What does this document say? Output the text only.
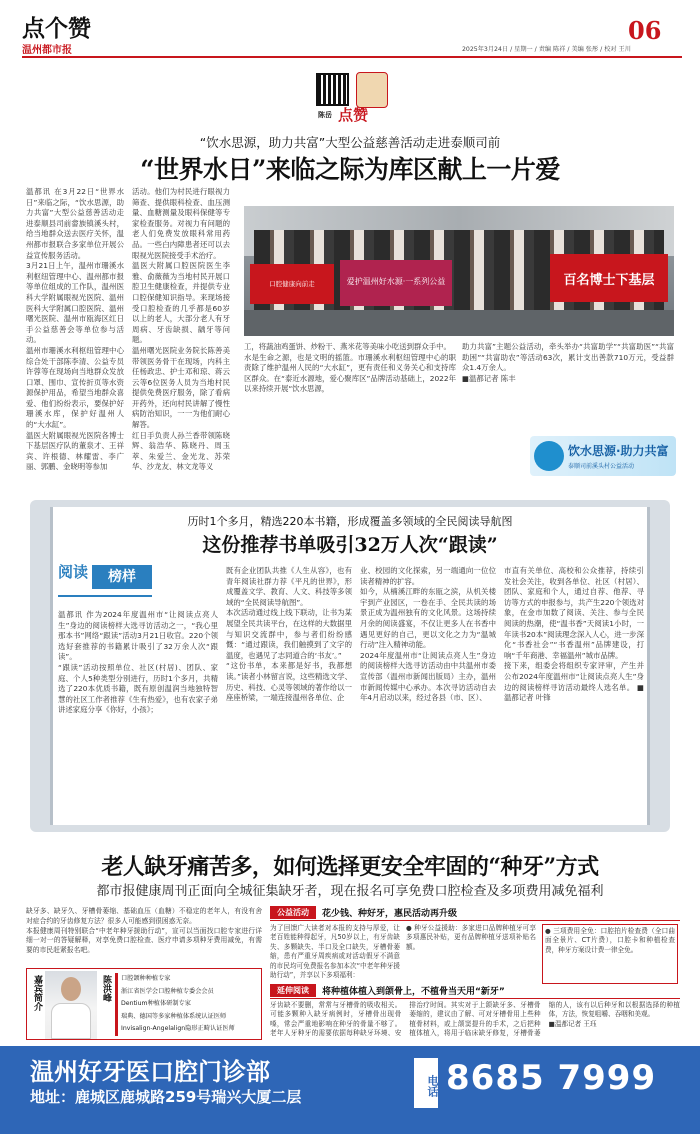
点个赞
温州都市报
06
2025年3月24日 / 星期一 / 责编 陈祥 / 美编 张彤 / 校对 王川
陈岳 点赞
“饮水思源，助力共富”大型公益慈善活动走进泰顺司前
“世界水日”来临之际为库区献上一片爱
温都讯 在3月22日“世界水日”来临之际，“饮水思源，助力共富”大型公益慈善活动走进泰顺县司前畲族镇溪头村，给当地群众送去医疗关怀，温州都市报联合多家单位开展公益宣传服务活动。
3月21日上午，温州市珊溪水利枢纽管理中心、温州都市报等单位组成的工作队，温州医科大学附属眼视光医院、温州医科大学附属口腔医院、温州曙光医院、温州市瓯海区红日手公益慈善会等单位参与活动。
温州市珊溪水利枢纽管理中心综合处干部陈李清、公益专员许蓉等在现场向当地群众发放口罩、围巾、宣传折页等水资源保护用品，希望当地群众喜爱、他们纷纷表示，要保护好珊溪水库，保护好温州人的“大水缸”。
温医大附属眼视光医院各博士下基层医疗队的董泉才、王祥宾、许根德、林耀雷、李广丽、郭鹏、金晓明等参加
活动。他们为村民进行眼视力筛查、提供眼科检查、血压测量、血糖测量及眼科保健等专家检查服务。对视力有问题的老人们免费发放眼科常用药品。一些白内障患者还可以去眼视光医院接受手术治疗。
温医大附属口腔医院医生李雅、俞薇薇为当地村民开展口腔卫生健康检查，并提供专业口腔保健知识指导。来现场接受口腔检查的几乎都是60岁以上的老人，大部分老人有牙周病、牙齿缺损、龋牙等问题。
温州曙光医院业务院长陈善美带领医务骨干在现场，内科主任杨政忠、护士邓和琼、蒋云云等6位医务人员为当地村民提供免费医疗服务，除了看病开药外，还向村民讲解了慢性病防治知识，一一为他们耐心解答。
红日手负责人孙兰香带领陈晓辉、翁浩华、陈晓丹、周玉萃、朱爱兰、金光龙、苏荣华、沙龙友、林文龙等义
口腔健康向前走	爱护温州好水源·一系列公益	百名博士下基层
工，将蔬油鸡蛋饼、炒粉干、燕米花等美味小吃送到群众手中。
水是生命之源，也是文明的摇篮。市珊溪水利枢纽管理中心的职责除了维护温州人民的“大水缸”，更有责任和义务关心和支持库区群众。在“泰近水源地，爱心聚库区”品牌活动基础上，2022年以来持续开展“饮水思源，
助力共富”主题公益活动，牵头举办“共富助学”“共富助医”“共富助困”“共富助农”等活动63次，累计支出善款710万元，受益群众1.4万余人。
■温都记者 陈丰
饮水思源·助力共富
泰顺司前溪头村公益活动
历时1个多月，精选220本书籍，形成覆盖多领域的全民阅读导航图
这份推荐书单吸引32万人次“跟读”
阅读	榜样
温都讯 作为2024年度温州市“让阅读点亮人生”身边的阅读榜样大选寻访活动之一，“我心里那本书”网络“跟读”活动3月21日收官。220个领选好套推荐的书籍累计吸引了32万余人次“跟读”。
“跟读”活动按照单位、社区(村居)、团队、家庭、个人5种类型分别进行，历时1个多月，共精选了220本优质书籍，既有原创温润当地独特智慧的社区工作者推荐《生有热爱》，也有农家子弟讲述家庭分享《你好，小孩》；
既有企业团队共推《人生从容》，也有青年阅读社群力荐《平凡的世界》，形成覆盖文学、教育、人文、科技等多领域的“全民阅读导航图”。
本次活动通过线上线下联动，让书为某展望全民共读平台，在这样的大数据里与知识交流群中，参与者们纷纷感慨：“通过跟读，我们触摸到了文字的温度，也遇见了志同道合的‘书友’。”
“这份书单，本来都是好书，我都想读。”读者小林留言说，这些精选文学、历史、科技、心灵等领域的著作给以一座座桥梁，一端连接温州各单位、企
业、校园的文化探索，另一端通向一位位读者精神的扩容。
如今，从楠溪江畔的东瓯之滨，从机关楼宇到产业园区，一卷在手、全民共读的场景正成为温州独有的文化风景。这场持续月余的阅读盛宴，不仅让更多人在书香中遇见更好的自己，更以文化之力为“温城行动”注入精神动能。
2024年度温州市“让阅读点亮人生”身边的阅读榜样大选寻访活动由中共温州市委宣传部（温州市新闻出版局）主办，温州市新闻传媒中心承办。本次寻访活动自去年4月启动以来，经过各县（市、区）、
市直有关单位、高校和公众推荐，持续引发社会关注，收到各单位、社区（村居）、团队、家庭和个人，通过自荐、他荐、寻访等方式的申报参与，共产生220个领选对象，在金市加数了阅读、关注、参与全民阅读的热潮，使“温书香”天阅读1小时，一年读书20本”阅读理念深入人心，进一步深化“书香社会”“书香温州”品牌建设，打响“千年商港、幸福温州”城市品牌。
接下来，组委会将组织专家评审，产生并公布2024年度温州市“让阅读点亮人生”身边的阅读榜样寻访活动最终人选名单。 ■温都记者 叶锋
老人缺牙痛苦多，如何选择更安全牢固的“种牙”方式
都市报健康周刊正面向全城征集缺牙者，现在报名可享免费口腔检查及多项费用减免福利
缺牙多、缺牙久、牙槽骨萎缩、基础血压（血糖）不稳定的老年人，有没有舍对症合约的牙齿修复方法？很多人可能感到很困惑无奈。
本报健康周刊特别联合“中老年种牙援助行动”，宣可以当面找口腔专家进行详细一对一的答疑解释，对享免费口腔检查、医疗申请多项种牙费用减免，有需要的市民赶紧报名吧。
嘉宾简介	陈洪峰	口腔颌种种植专家
浙江省医学会口腔种植专委会会员
Dentium种植体研制专家
瑞典、德国等多家种植体系统认证医师
Invisalign-Angelalign隐形正畸认证医师
公益活动	花少钱、种好牙，惠民活动再升级
为了回馈广大读者对本报的支持与厚爱，让老百姓能种得起牙，凡50岁以上，有牙齿缺失、多颗缺失、半口及全口缺失，牙槽骨萎缩，患有严重牙周疾病或对活动假牙不满意的市民均可免费报名参加本次“中老年种牙援助行动”，并享以下多项福利：
● 种牙公益援助：多家进口品牌种植牙可享多项惠民补贴，更有品牌种植牙送项补贴名额。
● 三项费用全免：口腔拍片检查费（全口曲面全景片、CT片费），口腔卡和种植检查费，种牙方案设计费一律全免。
延伸阅读	将种植体植入到颌骨上，不植骨当天用“新牙”
牙齿缺不要删，常常与牙槽骨的吸收相关。可能多颗种入缺牙病例时，牙槽骨出现骨嗓，常会严重地影响在种牙的骨量不够了。老年人牙种牙的需要依据每种缺牙环境、安排治疗时间。其实对于上颌缺牙多、牙槽骨萎缩的，建议由了解、可对牙槽骨用上些种植骨材料，或上颌窦提升的手术，之后把种植体植入，将用于临床缺牙修复，牙槽骨萎缩的人，该有以后种牙和以根据选择的种植体，方法，恢复咀嚼、吞咽和美观。
■温都记者 王珏
温州好牙医口腔门诊部
地址：鹿城区鹿城路259号瑞兴大厦二层	电话 8685 7999
